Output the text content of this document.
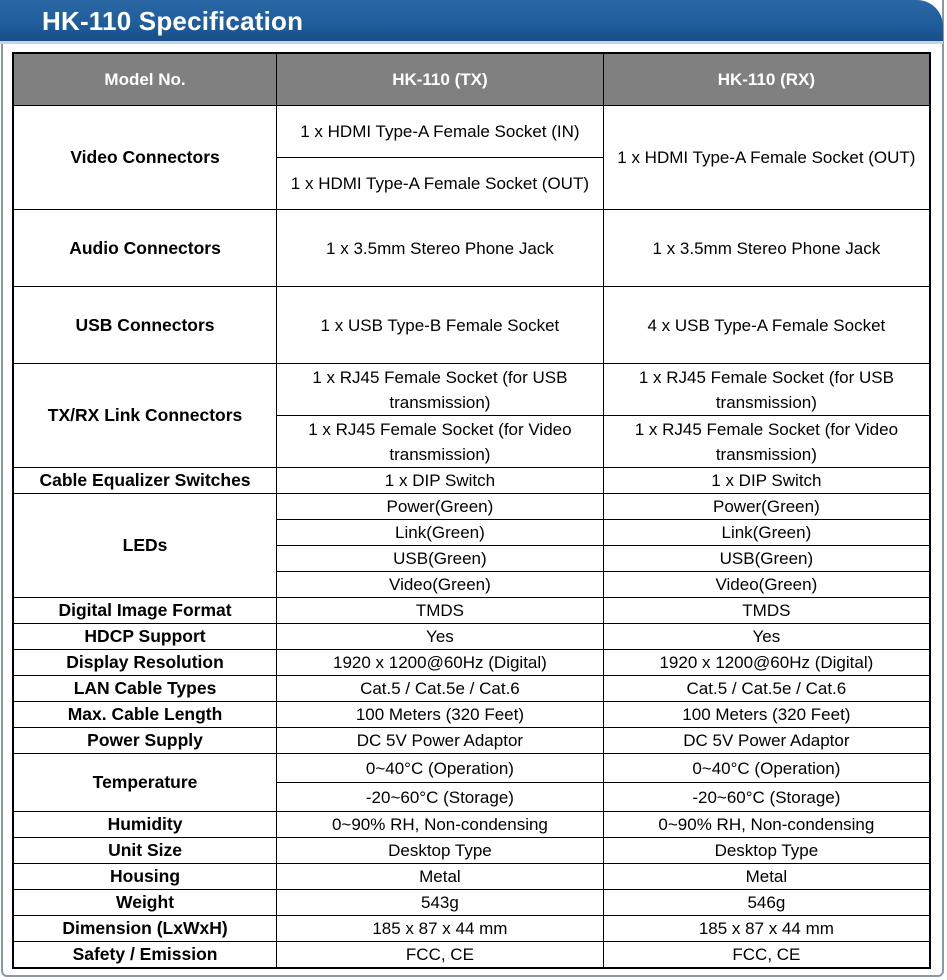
HK-110 Specification
Model No.	HK-110 (TX)	HK-110 (RX)
Video Connectors	1 x HDMI Type-A Female Socket (IN)	1 x HDMI Type-A Female Socket (OUT)
	1 x HDMI Type-A Female Socket (OUT)	
Audio Connectors	1 x 3.5mm Stereo Phone Jack	1 x 3.5mm Stereo Phone Jack
USB Connectors	1 x USB Type-B Female Socket	4 x USB Type-A Female Socket
TX/RX Link Connectors	1 x RJ45 Female Socket (for USB transmission)	1 x RJ45 Female Socket (for USB transmission)
	1 x RJ45 Female Socket (for Video transmission)	1 x RJ45 Female Socket (for Video transmission)
Cable Equalizer Switches	1 x DIP Switch	1 x DIP Switch
LEDs	Power(Green)	Power(Green)
	Link(Green)	Link(Green)
	USB(Green)	USB(Green)
	Video(Green)	Video(Green)
Digital Image Format	TMDS	TMDS
HDCP Support	Yes	Yes
Display Resolution	1920 x 1200@60Hz (Digital)	1920 x 1200@60Hz (Digital)
LAN Cable Types	Cat.5 / Cat.5e / Cat.6	Cat.5 / Cat.5e / Cat.6
Max. Cable Length	100 Meters (320 Feet)	100 Meters (320 Feet)
Power Supply	DC 5V Power Adaptor	DC 5V Power Adaptor
Temperature	0~40°C (Operation)	0~40°C (Operation)
	-20~60°C (Storage)	-20~60°C (Storage)
Humidity	0~90% RH, Non-condensing	0~90% RH, Non-condensing
Unit Size	Desktop Type	Desktop Type
Housing	Metal	Metal
Weight	543g	546g
Dimension (LxWxH)	185 x 87 x 44 mm	185 x 87 x 44 mm
Safety / Emission	FCC, CE	FCC, CE
